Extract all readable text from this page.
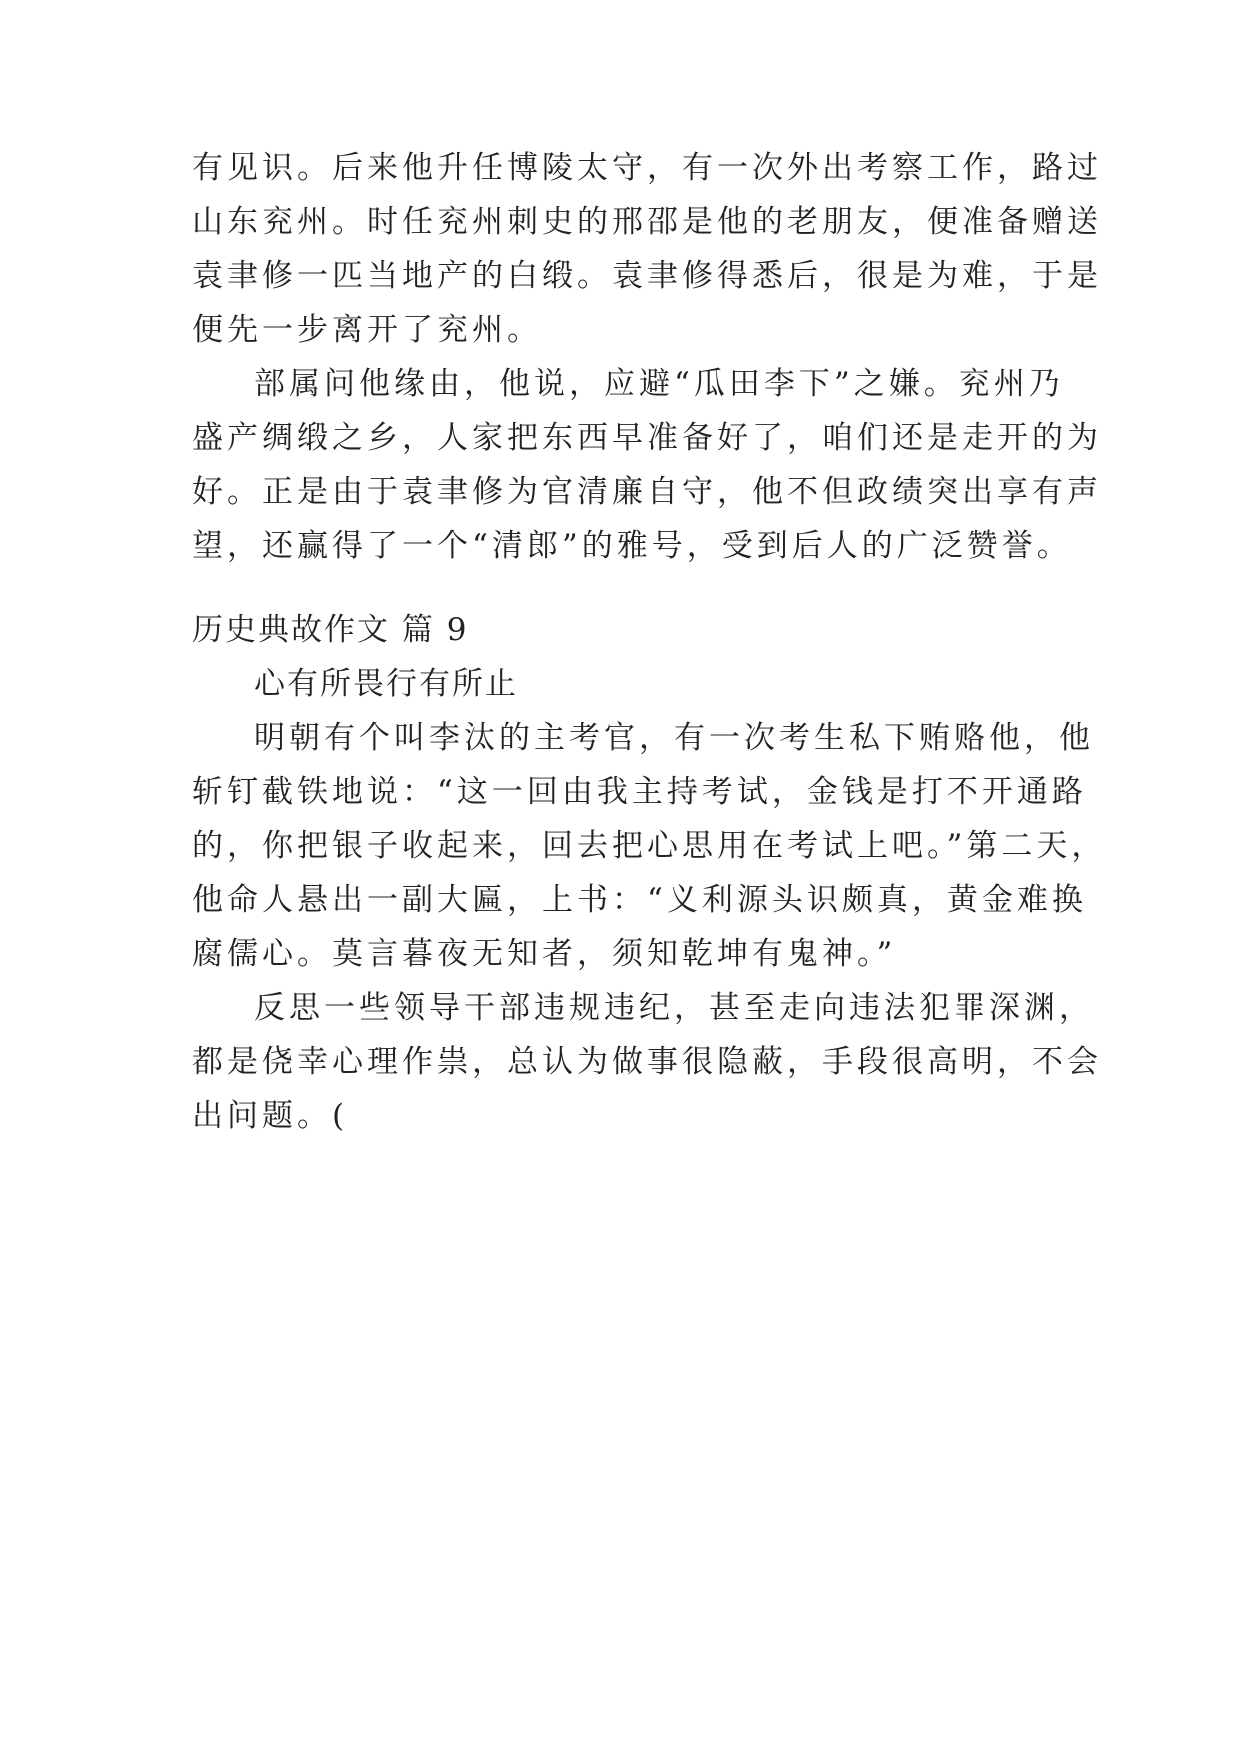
有见识。后来他升任博陵太守，有一次外出考察工作，路过
山东兖州。时任兖州刺史的邢邵是他的老朋友，便准备赠送
袁聿修一匹当地产的白缎。袁聿修得悉后，很是为难，于是
便先一步离开了兖州。
部属问他缘由，他说，应避“瓜田李下”之嫌。兖州乃
盛产绸缎之乡，人家把东西早准备好了，咱们还是走开的为
好。正是由于袁聿修为官清廉自守，他不但政绩突出享有声
望，还赢得了一个“清郎”的雅号，受到后人的广泛赞誉。
历史典故作文 篇 9
心有所畏行有所止
明朝有个叫李汰的主考官，有一次考生私下贿赂他，他
斩钉截铁地说：“这一回由我主持考试，金钱是打不开通路
的，你把银子收起来，回去把心思用在考试上吧。”第二天，
他命人悬出一副大匾，上书：“义利源头识颇真，黄金难换
腐儒心。莫言暮夜无知者，须知乾坤有鬼神。”
反思一些领导干部违规违纪，甚至走向违法犯罪深渊，
都是侥幸心理作祟，总认为做事很隐蔽，手段很高明，不会
出问题。(
